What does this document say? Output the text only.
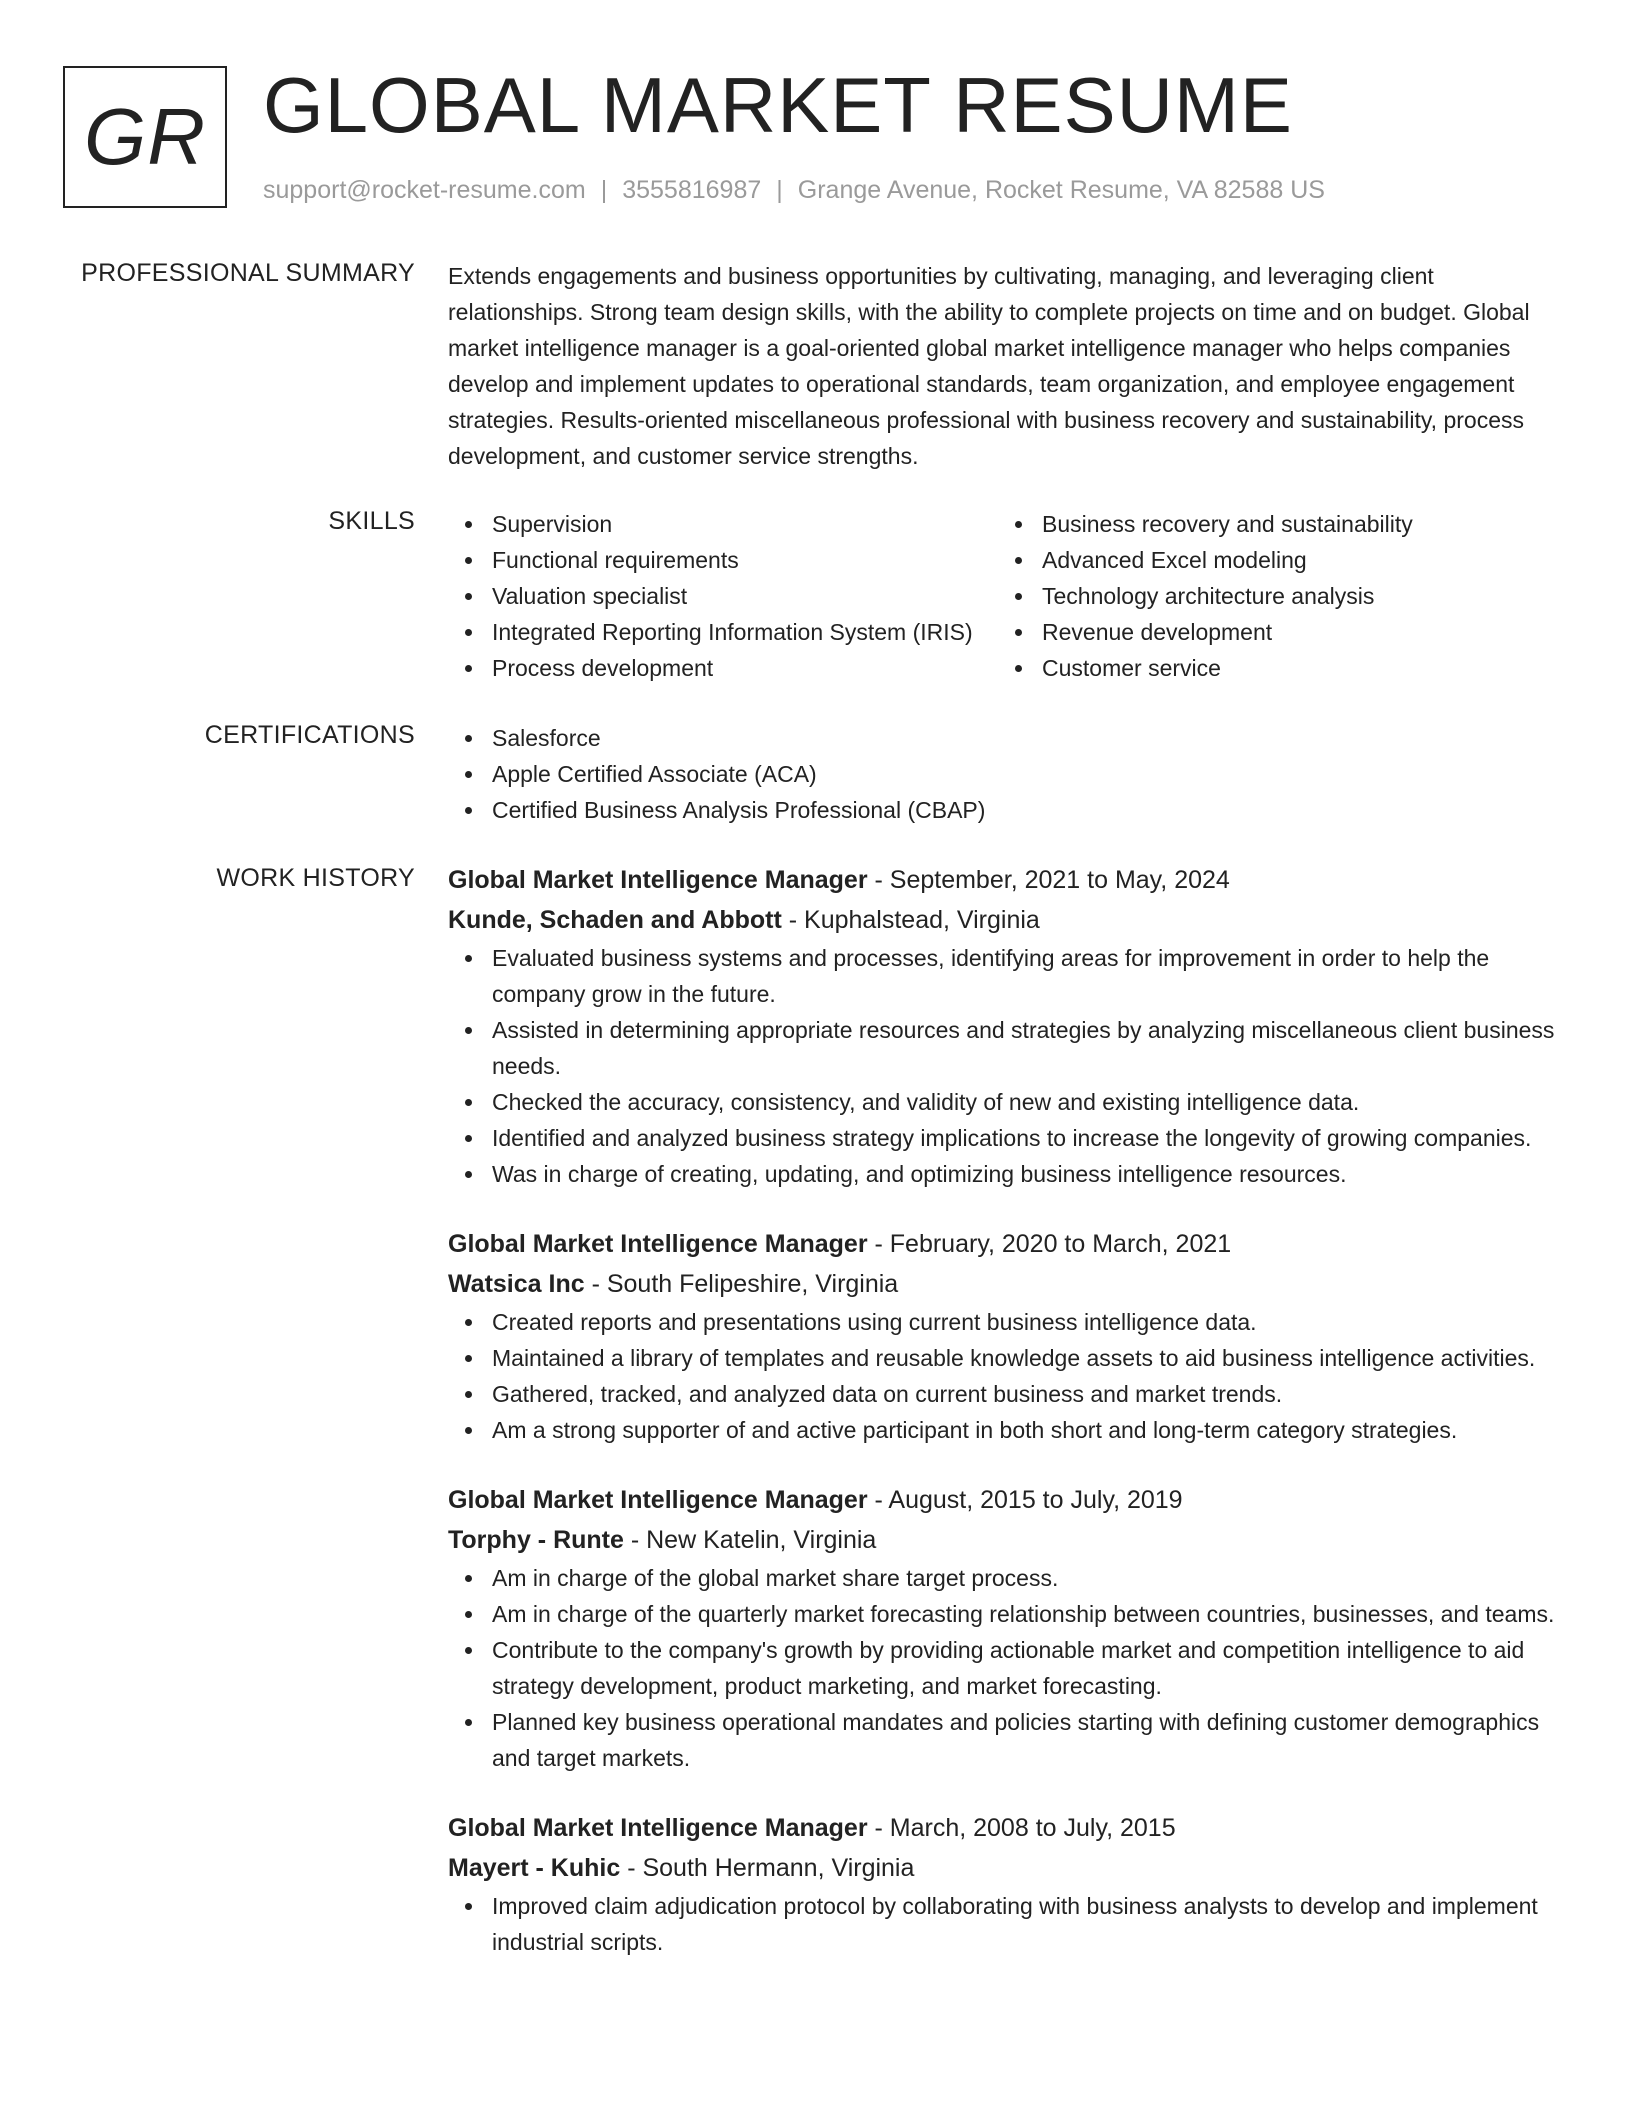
GR GLOBAL MARKET RESUME
support@rocket-resume.com | 3555816987 | Grange Avenue, Rocket Resume, VA 82588 US
PROFESSIONAL SUMMARY Extends engagements and business opportunities by cultivating, managing, and leveraging client relationships. Strong team design skills, with the ability to complete projects on time and on budget. Global market intelligence manager is a goal-oriented global market intelligence manager who helps companies develop and implement updates to operational standards, team organization, and employee engagement strategies. Results-oriented miscellaneous professional with business recovery and sustainability, process development, and customer service strengths.

SKILLS	Supervision
Functional requirements
Valuation specialist
Integrated Reporting Information System (IRIS)
Process development
Business recovery and sustainability
Advanced Excel modeling
Technology architecture analysis
Revenue development
Customer service
CERTIFICATIONS	Salesforce
Apple Certified Associate (ACA)
Certified Business Analysis Professional (CBAP)
WORK HISTORY Global Market Intelligence Manager - September, 2021 to May, 2024
Kunde, Schaden and Abbott - Kuphalstead, Virginia
Evaluated business systems and processes, identifying areas for improvement in order to help the company grow in the future.
Assisted in determining appropriate resources and strategies by analyzing miscellaneous client business needs.
Checked the accuracy, consistency, and validity of new and existing intelligence data.
Identified and analyzed business strategy implications to increase the longevity of growing companies.
Was in charge of creating, updating, and optimizing business intelligence resources.
Global Market Intelligence Manager - February, 2020 to March, 2021
Watsica Inc - South Felipeshire, Virginia
Created reports and presentations using current business intelligence data.
Maintained a library of templates and reusable knowledge assets to aid business intelligence activities.
Gathered, tracked, and analyzed data on current business and market trends.
Am a strong supporter of and active participant in both short and long-term category strategies.
Global Market Intelligence Manager - August, 2015 to July, 2019
Torphy - Runte - New Katelin, Virginia
Am in charge of the global market share target process.
Am in charge of the quarterly market forecasting relationship between countries, businesses, and teams.
Contribute to the company's growth by providing actionable market and competition intelligence to aid strategy development, product marketing, and market forecasting.
Planned key business operational mandates and policies starting with defining customer demographics and target markets.
Global Market Intelligence Manager - March, 2008 to July, 2015
Mayert - Kuhic - South Hermann, Virginia
Improved claim adjudication protocol by collaborating with business analysts to develop and implement industrial scripts.
